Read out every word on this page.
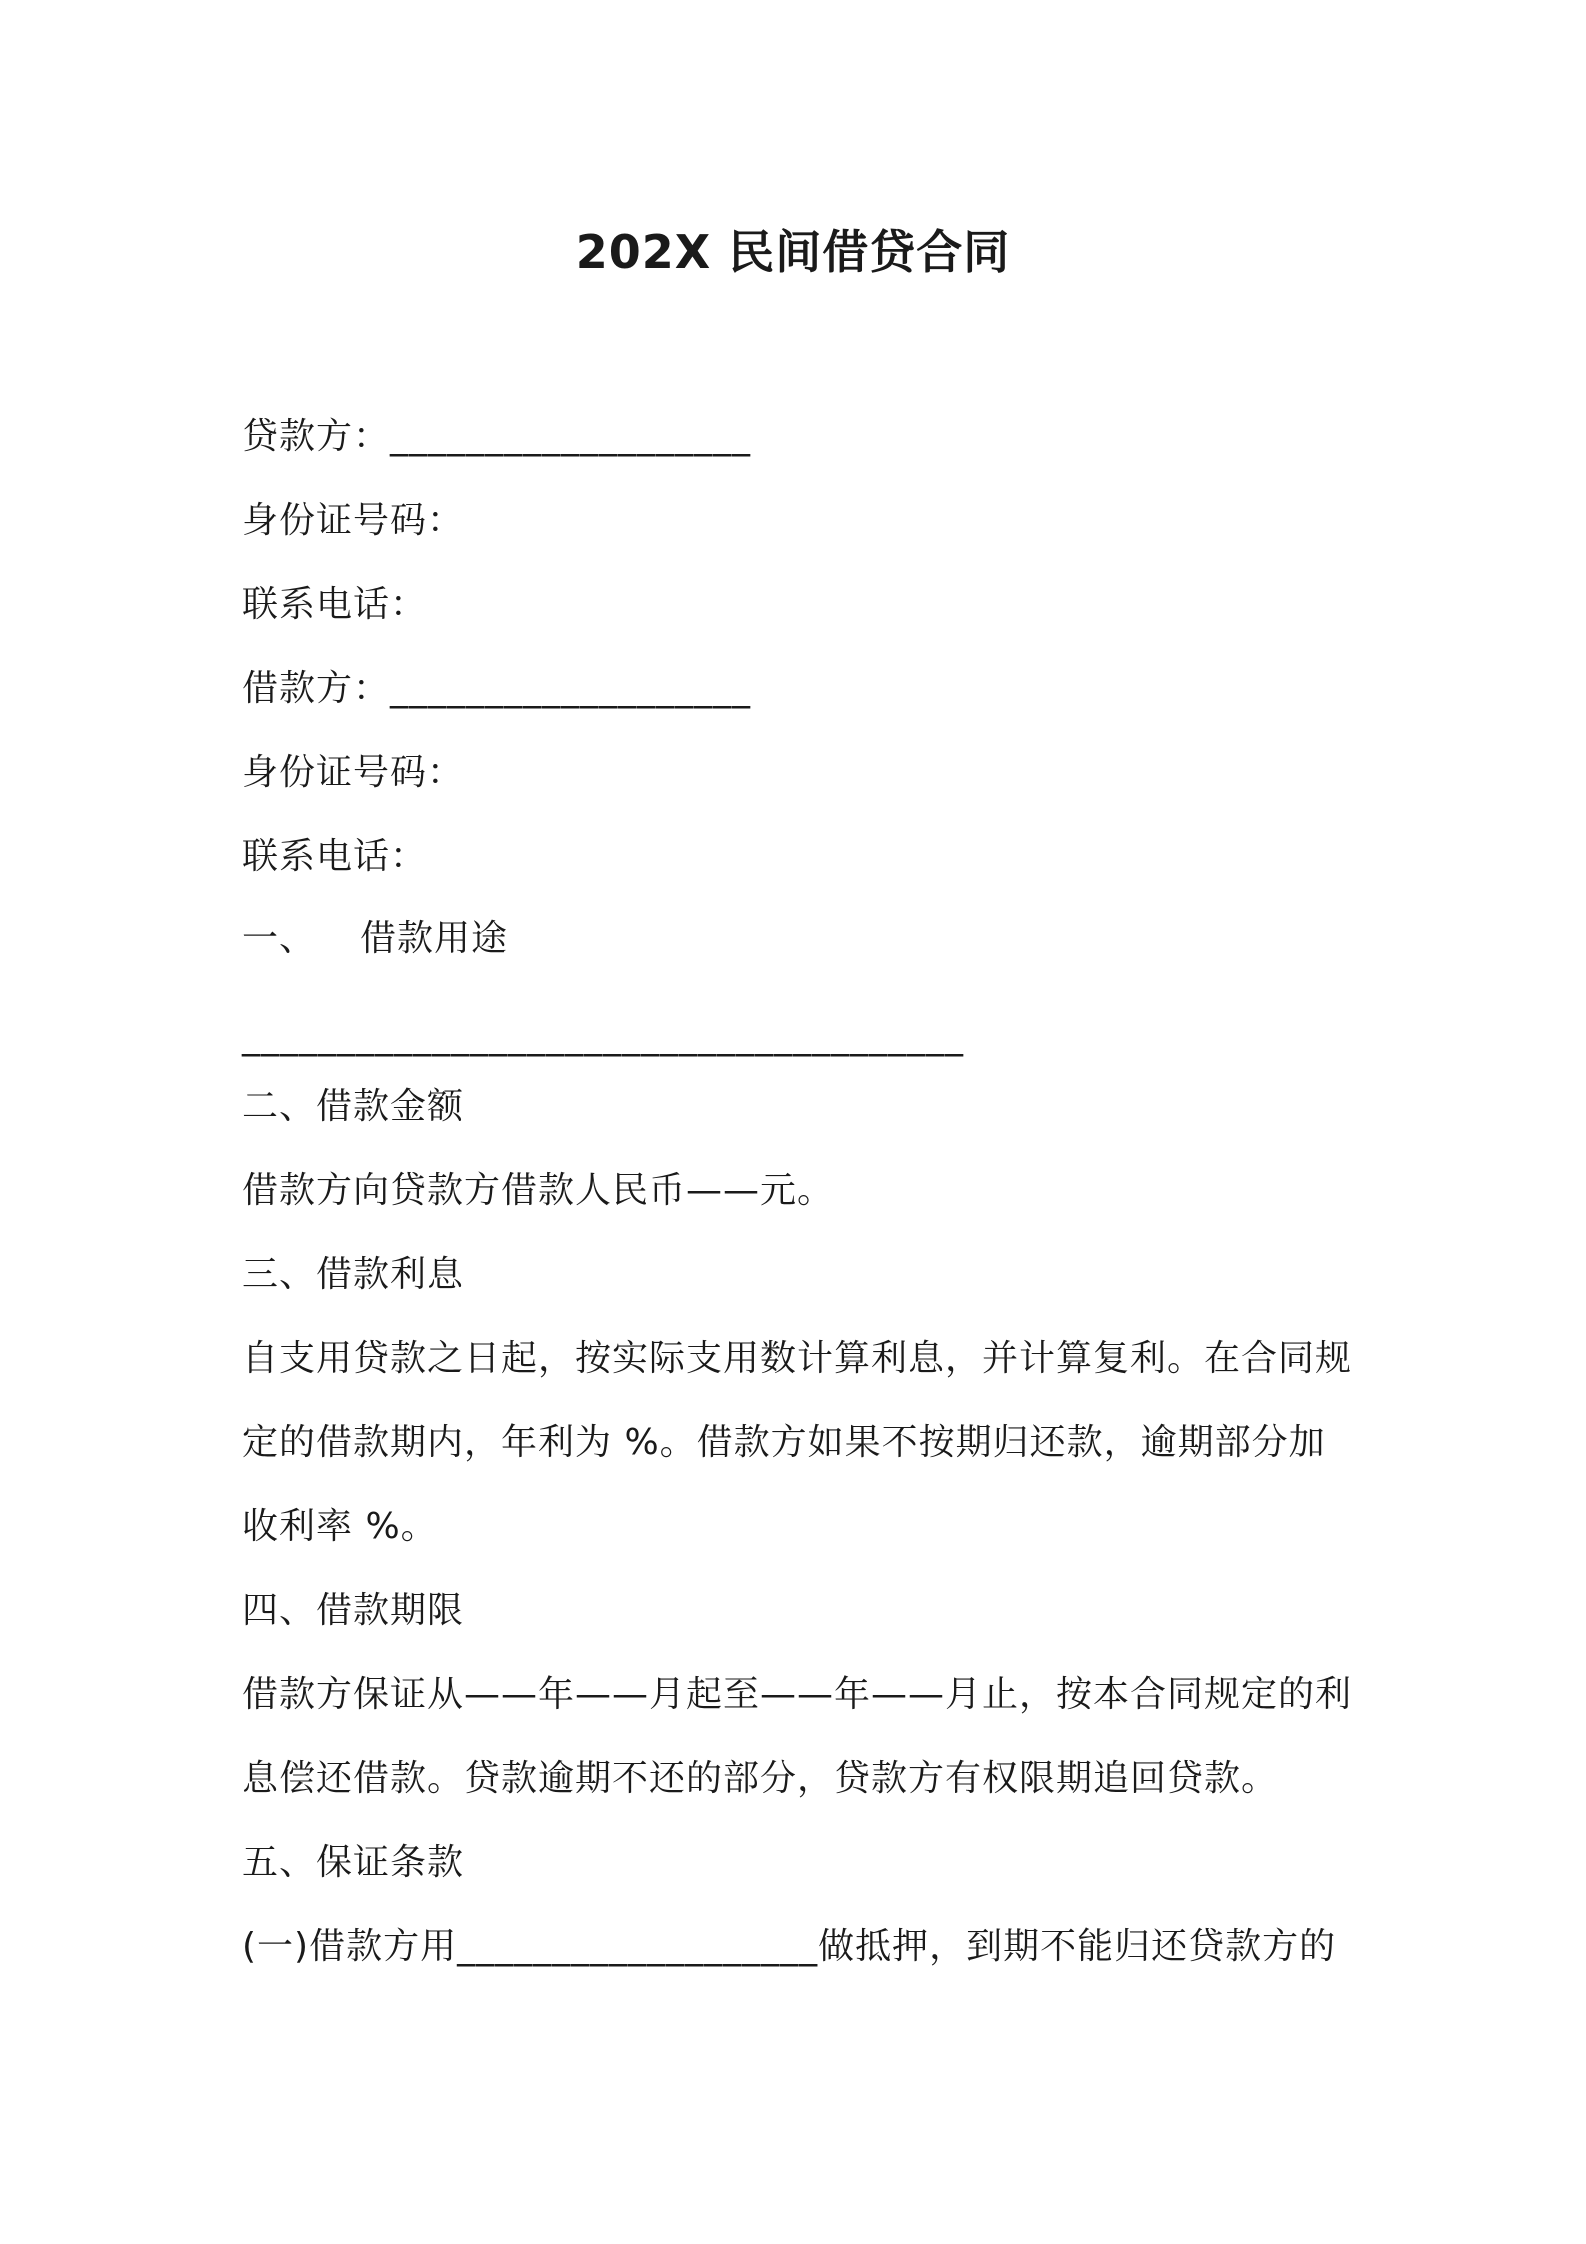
202X 民间借贷合同
贷款方：___________________
身份证号码：
联系电话：
借款方：___________________
身份证号码：
联系电话：
一、 借款用途
______________________________________
二、借款金额
借款方向贷款方借款人民币——元。
三、借款利息
自支用贷款之日起，按实际支用数计算利息，并计算复利。在合同规
定的借款期内，年利为 %。借款方如果不按期归还款，逾期部分加
收利率 %。
四、借款期限
借款方保证从——年——月起至——年——月止，按本合同规定的利
息偿还借款。贷款逾期不还的部分，贷款方有权限期追回贷款。
五、保证条款
(一)借款方用___________________做抵押，到期不能归还贷款方的
